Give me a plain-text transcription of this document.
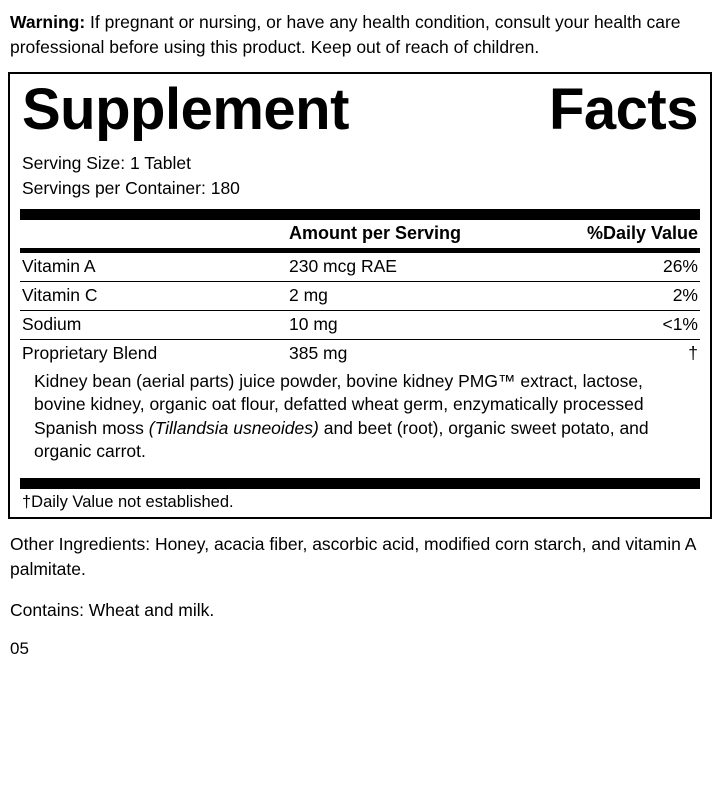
Warning: If pregnant or nursing, or have any health condition, consult your health care professional before using this product. Keep out of reach of children.
Supplement	Facts
Serving Size: 1 Tablet
Servings per Container: 180
	Amount per Serving	%Daily Value
Vitamin A	230 mcg RAE	26%
Vitamin C	2 mg	2%
Sodium	10 mg	<1%
Proprietary Blend	385 mg	†
Kidney bean (aerial parts) juice powder, bovine kidney PMG™ extract, lactose, bovine kidney, organic oat flour, defatted wheat germ, enzymatically processed Spanish moss (Tillandsia usneoides) and beet (root), organic sweet potato, and organic carrot.
†Daily Value not established.
Other Ingredients: Honey, acacia fiber, ascorbic acid, modified corn starch, and vitamin A palmitate.
Contains: Wheat and milk.
05
